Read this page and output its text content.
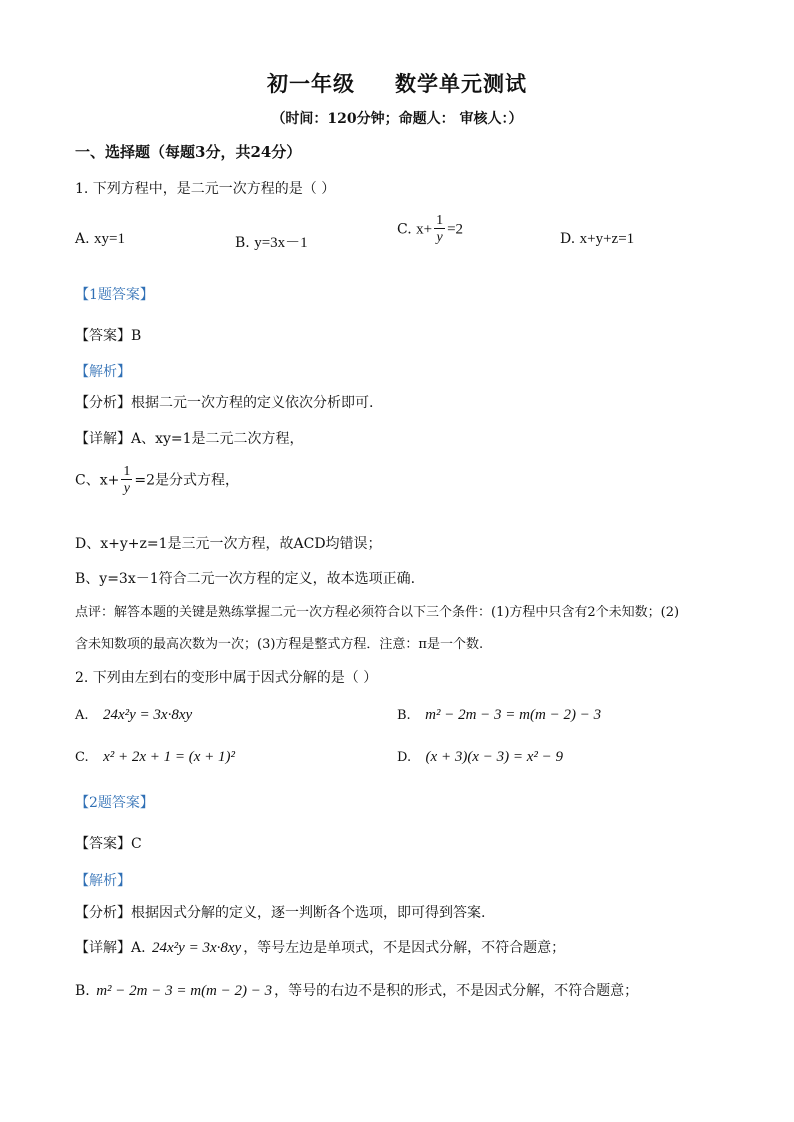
初一年级 数学单元测试
（时间：120分钟；命题人： 审核人：）
一、选择题（每题3分，共24分）
1. 下列方程中，是二元一次方程的是（ ）
A. xy=1	B. y=3x－1
C. $x+ \frac{1}{y} =2$
D. x+y+z=1
【1题答案】
【答案】B
【解析】
【分析】根据二元一次方程的定义依次分析即可.
【详解】A、xy=1是二元二次方程，
C、$x+ \frac{1}{y} =2$是分式方程，
D、x+y+z=1是三元一次方程，故ACD均错误；
B、y=3x－1符合二元一次方程的定义，故本选项正确.
点评：解答本题的关键是熟练掌握二元一次方程必须符合以下三个条件：(1)方程中只含有2个未知数；(2)
含未知数项的最高次数为一次；(3)方程是整式方程．注意：π是一个数.
2. 下列由左到右的变形中属于因式分解的是（ ）
A. 24x²y = 3x·8xy	B. m² − 2m − 3 = m(m − 2) − 3
C. x² + 2x + 1 = (x + 1)²	D. (x + 3)(x − 3) = x² − 9
【2题答案】
【答案】C
【解析】
【分析】根据因式分解的定义，逐一判断各个选项，即可得到答案.
【详解】A. 24x²y = 3x·8xy ，等号左边是单项式，不是因式分解，不符合题意；
B. m² − 2m − 3 = m(m − 2) − 3 ，等号的右边不是积的形式，不是因式分解，不符合题意；
